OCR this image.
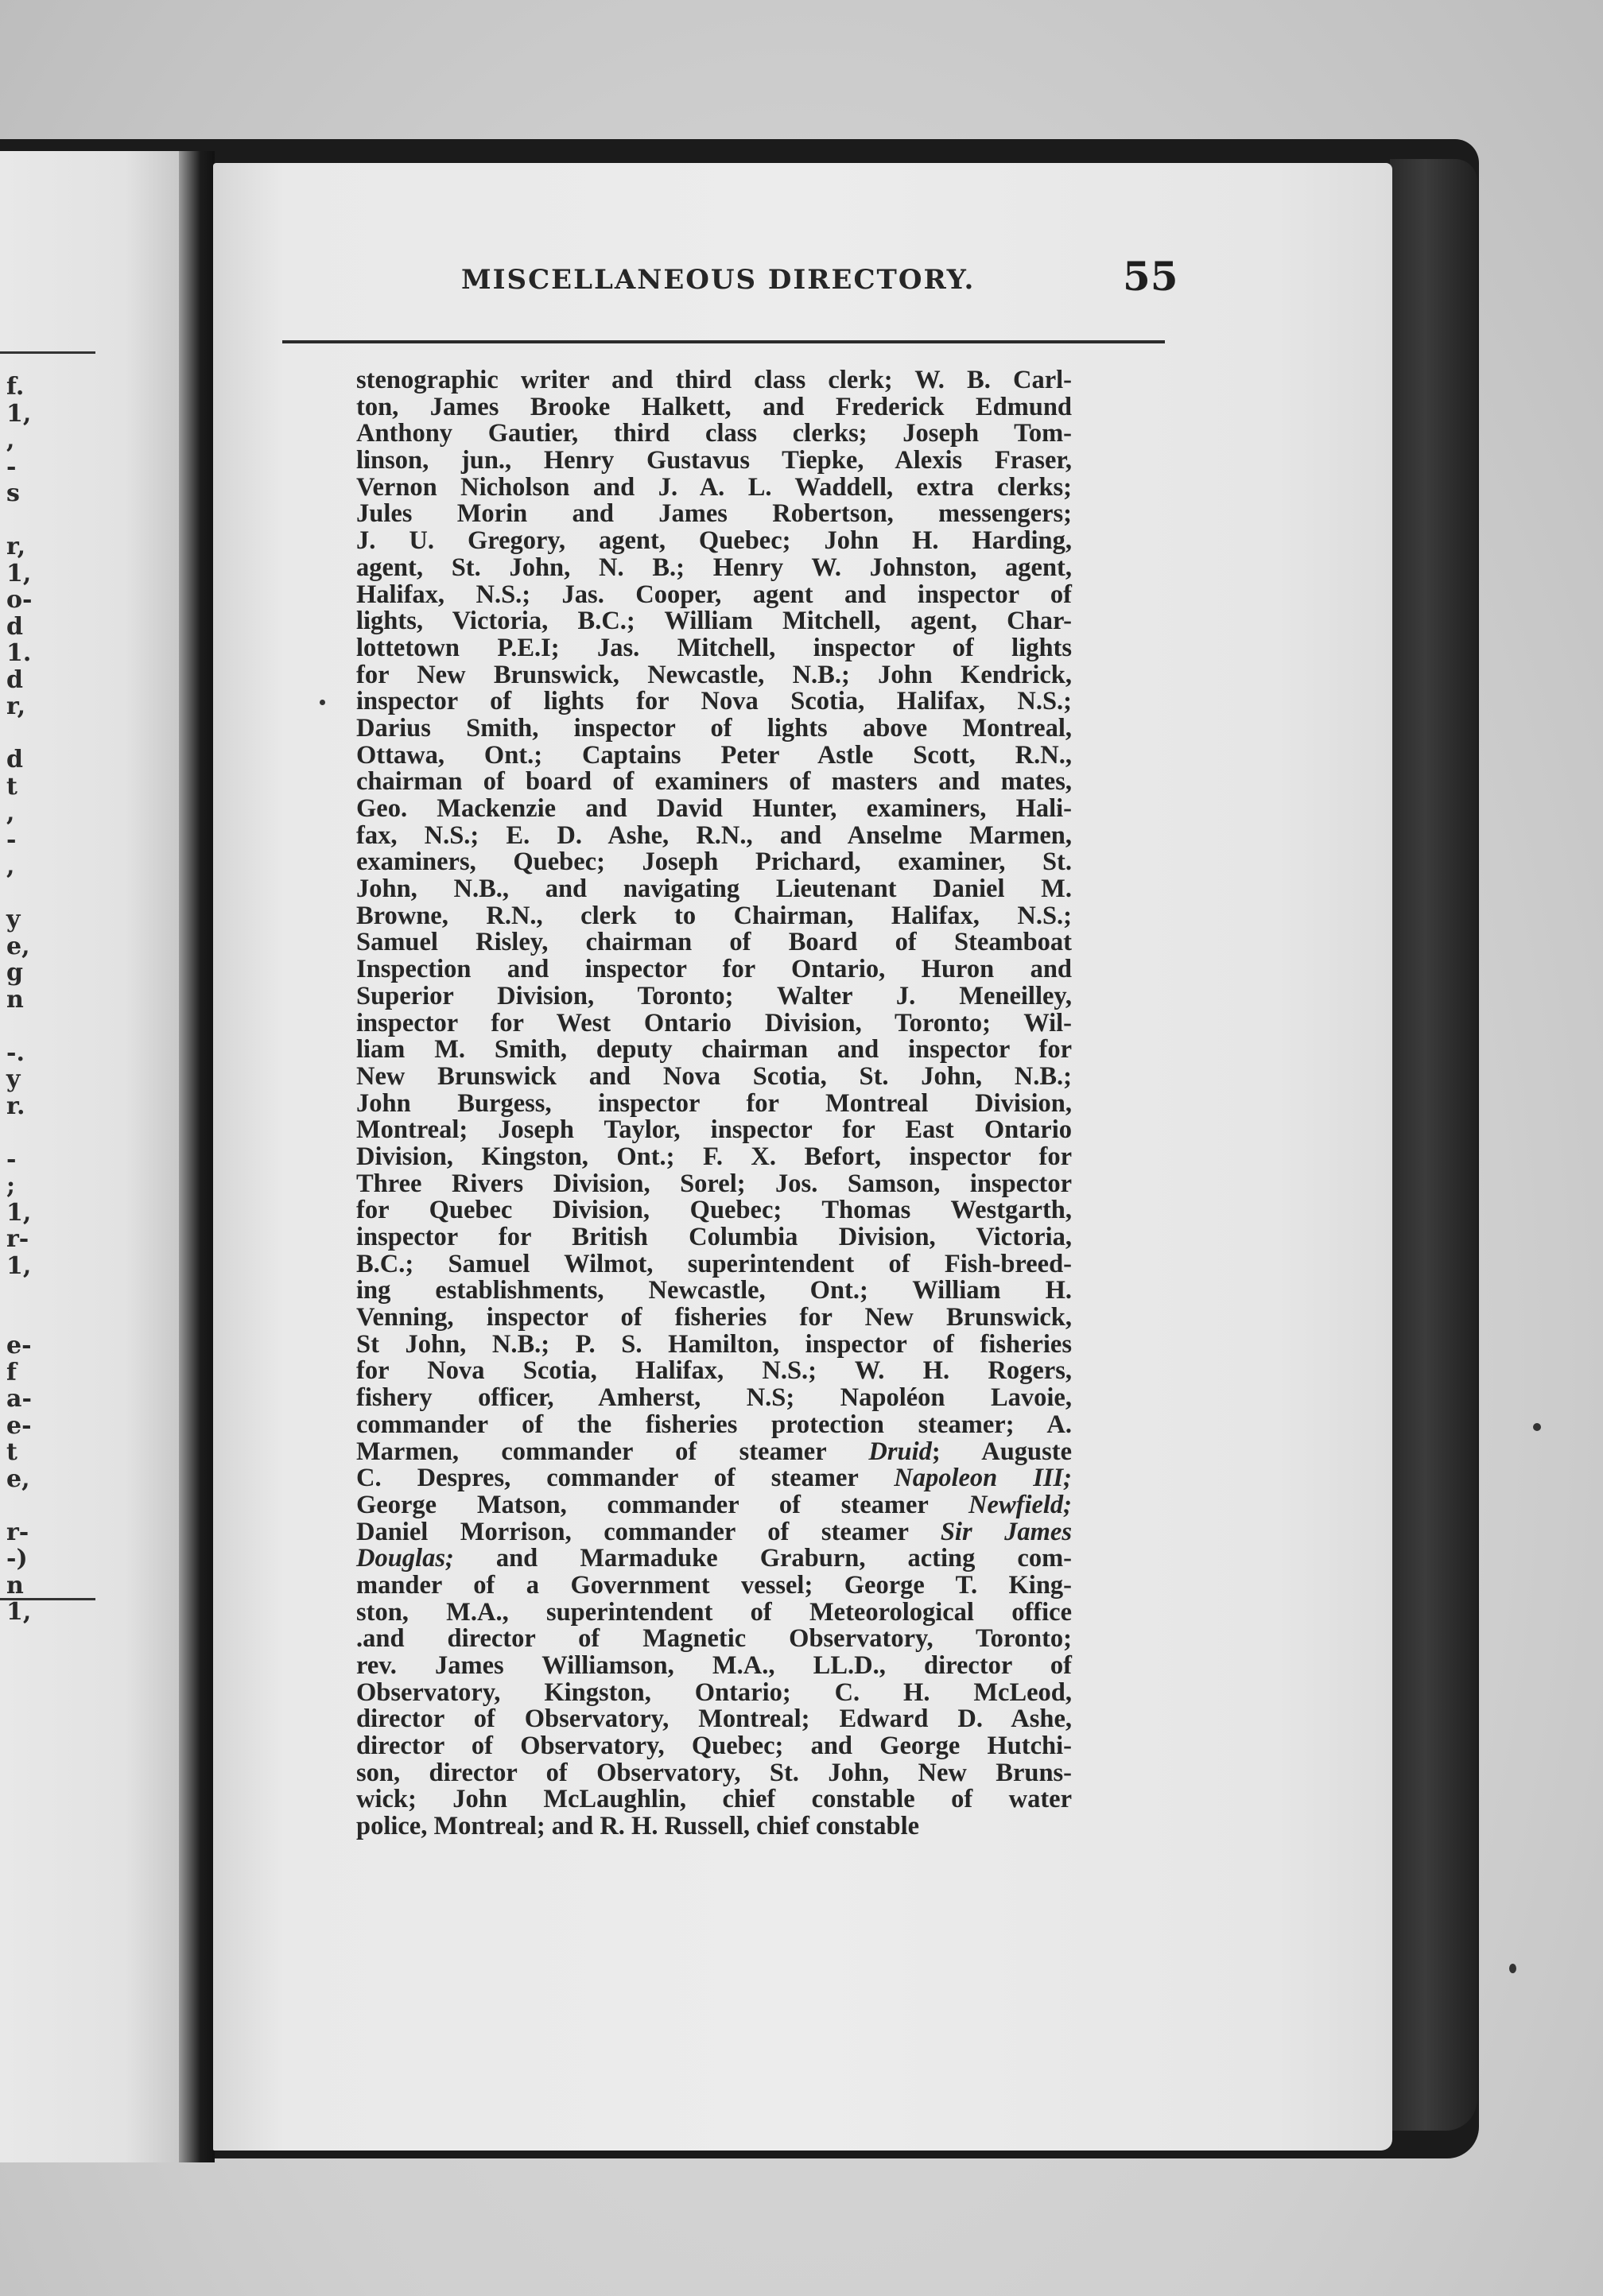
f.
1,
,
-
s
r,
1,
o-
d
1.
d
r,
d
t
,
-
,
y
e,
g
n
-.
y
r.
-
;
1,
r-
1,
e-
f
a-
e-
t
e,
r-
-)
n
1,
MISCELLANEOUS DIRECTORY.	55
stenographic writer and third class clerk; W. B. Carl-
ton, James Brooke Halkett, and Frederick Edmund
Anthony Gautier, third class clerks; Joseph Tom-
linson, jun., Henry Gustavus Tiepke, Alexis Fraser,
Vernon Nicholson and J. A. L. Waddell, extra clerks;
Jules Morin and James Robertson, messengers;
J. U. Gregory, agent, Quebec; John H. Harding,
agent, St. John, N. B.; Henry W. Johnston, agent,
Halifax, N.S.; Jas. Cooper, agent and inspector of
lights, Victoria, B.C.; William Mitchell, agent, Char-
lottetown P.E.I; Jas. Mitchell, inspector of lights
for New Brunswick, Newcastle, N.B.; John Kendrick,
inspector of lights for Nova Scotia, Halifax, N.S.;
Darius Smith, inspector of lights above Montreal,
Ottawa, Ont.; Captains Peter Astle Scott, R.N.,
chairman of board of examiners of masters and mates,
Geo. Mackenzie and David Hunter, examiners, Hali-
fax, N.S.; E. D. Ashe, R.N., and Anselme Marmen,
examiners, Quebec; Joseph Prichard, examiner, St.
John, N.B., and navigating Lieutenant Daniel M.
Browne, R.N., clerk to Chairman, Halifax, N.S.;
Samuel Risley, chairman of Board of Steamboat
Inspection and inspector for Ontario, Huron and
Superior Division, Toronto; Walter J. Meneilley,
inspector for West Ontario Division, Toronto; Wil-
liam M. Smith, deputy chairman and inspector for
New Brunswick and Nova Scotia, St. John, N.B.;
John Burgess, inspector for Montreal Division,
Montreal; Joseph Taylor, inspector for East Ontario
Division, Kingston, Ont.; F. X. Befort, inspector for
Three Rivers Division, Sorel; Jos. Samson, inspector
for Quebec Division, Quebec; Thomas Westgarth,
inspector for British Columbia Division, Victoria,
B.C.; Samuel Wilmot, superintendent of Fish-breed-
ing establishments, Newcastle, Ont.; William H.
Venning, inspector of fisheries for New Brunswick,
St John, N.B.; P. S. Hamilton, inspector of fisheries
for Nova Scotia, Halifax, N.S.; W. H. Rogers,
fishery officer, Amherst, N.S; Napoléon Lavoie,
commander of the fisheries protection steamer; A.
Marmen, commander of steamer Druid; Auguste
C. Despres, commander of steamer Napoleon III;
George Matson, commander of steamer Newfield;
Daniel Morrison, commander of steamer Sir James
Douglas; and Marmaduke Graburn, acting com-
mander of a Government vessel; George T. King-
ston, M.A., superintendent of Meteorological office
.and director of Magnetic Observatory, Toronto;
rev. James Williamson, M.A., LL.D., director of
Observatory, Kingston, Ontario; C. H. McLeod,
director of Observatory, Montreal; Edward D. Ashe,
director of Observatory, Quebec; and George Hutchi-
son, director of Observatory, St. John, New Bruns-
wick; John McLaughlin, chief constable of water
police, Montreal; and R. H. Russell, chief constable
